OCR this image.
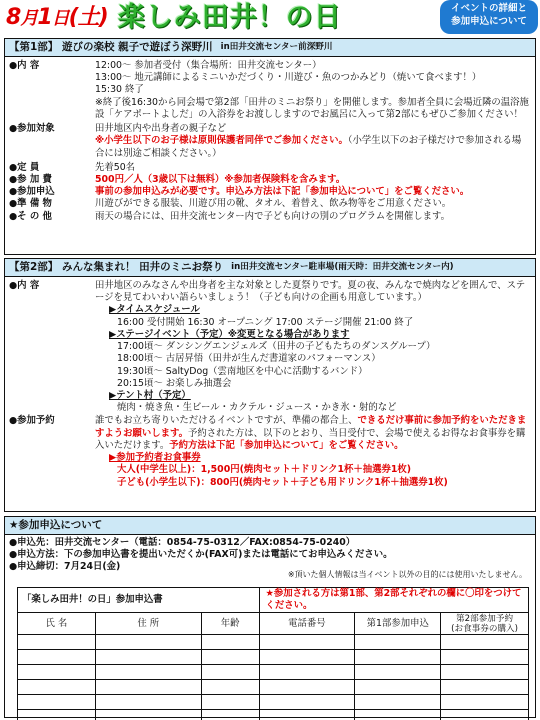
8月1日(土) 楽しみ田井！の日	イベントの詳細と
参加申込について
【第1部】 遊びの楽校 親子で遊ぼう深野川 in田井交流センター前深野川
●内 容	12:00～ 参加者受付（集合場所：田井交流センター）
13:00～ 地元講師によるミニいかだづくり・川遊び・魚のつかみどり（焼いて食べます！）
15:30 終了
※終了後16:30から同会場で第2部「田井のミニお祭り」を開催します。参加者全員に会場近隣の温浴施設「ケアポートよしだ」の入浴券をお渡ししますのでお風呂に入って第2部にもぜひご参加ください！
●参加対象	田井地区内や出身者の親子など
※小学生以下のお子様は原則保護者同伴でご参加ください。（小学生以下のお子様だけで参加される場合には別途ご相談ください。）
●定 員	先着50名
●参 加 費	500円／人（3歳以下は無料）※参加者保険料を含みます。
●参加申込	事前の参加申込みが必要です。申込み方法は下記「参加申込について」をご覧ください。
●準 備 物	川遊びができる服装、川遊び用の靴、タオル、着替え、飲み物等をご用意ください。
●そ の 他	雨天の場合には、田井交流センター内で子ども向けの別のプログラムを開催します。
【第2部】 みんな集まれ！ 田井のミニお祭り in田井交流センター駐車場(雨天時：田井交流センター内)
●内 容	田井地区のみなさんや出身者を主な対象とした夏祭りです。夏の夜、みんなで焼肉などを囲んで、ステージを見てわいわい語らいましょう！（子ども向けの企画も用意しています。）
▶タイムスケジュール
16:00 受付開始 16:30 オープニング 17:00 ステージ開催 21:00 終了
▶ステージイベント（予定）※変更となる場合があります
17:00頃～ ダンシングエンジェルズ（田井の子どもたちのダンスグループ）
18:00頃～ 古居昇悟（田井が生んだ書道家のパフォーマンス）
19:30頃～ SaltyDog（雲南地区を中心に活動するバンド）
20:15頃～ お楽しみ抽選会
▶テント村（予定）
焼肉・焼き魚・生ビール・カクテル・ジュース・かき氷・射的など
●参加予約	誰でもお立ち寄りいただけるイベントですが、準備の都合上、できるだけ事前に参加予約をいただきますようお願いします。予約された方は、以下のとおり、当日受付で、会場で使えるお得なお食事券を購入いただけます。予約方法は下記「参加申込について」をご覧ください。
▶参加予約者お食事券
大人(中学生以上)：1,500円(焼肉セット＋ドリンク1杯＋抽選券1枚)
子ども(小学生以下)：800円(焼肉セット＋子ども用ドリンク1杯＋抽選券1枚)
★参加申込について
●申込先：田井交流センター（電話：0854-75-0312／FAX:0854-75-0240）
●申込方法：下の参加申込書を提出いただくか(FAX可)または電話にてお申込みください。
●申込締切：7月24日(金)
※頂いた個人情報は当イベント以外の目的には使用いたしません。
「楽しみ田井！の日」参加申込書			★参加される方は第1部、第2部それぞれの欄に〇印をつけてください。		
氏 名	住 所	年齢	電話番号	第1部参加申込	第2部参加予約
(お食事券の購入)
